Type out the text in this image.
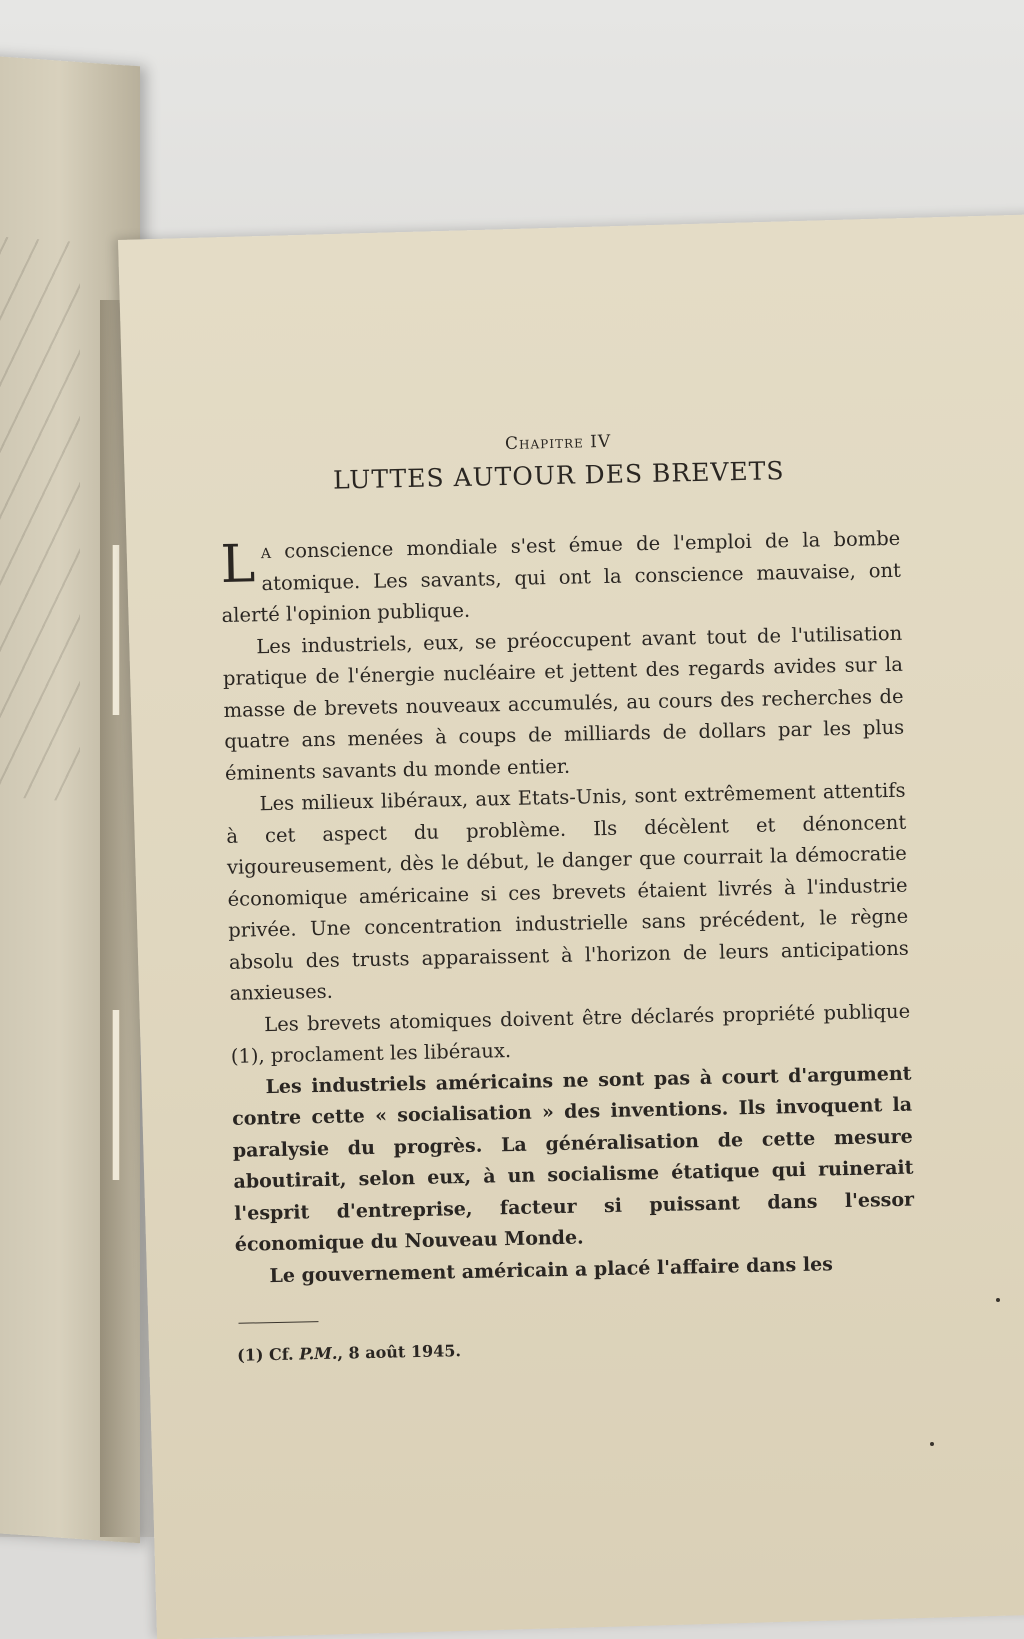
Chapitre IV
LUTTES AUTOUR DES BREVETS

La conscience mondiale s'est émue de l'emploi de la bombe atomique. Les savants, qui ont la conscience mauvaise, ont alerté l'opinion publique.

Les industriels, eux, se préoccupent avant tout de l'utilisation pratique de l'énergie nucléaire et jettent des regards avides sur la masse de brevets nouveaux accumulés, au cours des recherches de quatre ans menées à coups de milliards de dollars par les plus éminents savants du monde entier.

Les milieux libéraux, aux Etats-Unis, sont extrêmement attentifs à cet aspect du problème. Ils décèlent et dénoncent vigoureusement, dès le début, le danger que courrait la démocratie économique américaine si ces brevets étaient livrés à l'industrie privée. Une concentration industrielle sans précédent, le règne absolu des trusts apparaissent à l'horizon de leurs anticipations anxieuses.

Les brevets atomiques doivent être déclarés propriété publique (1), proclament les libéraux.

Les industriels américains ne sont pas à court d'argument contre cette « socialisation » des inventions. Ils invoquent la paralysie du progrès. La généralisation de cette mesure aboutirait, selon eux, à un socialisme étatique qui ruinerait l'esprit d'entreprise, facteur si puissant dans l'essor économique du Nouveau Monde.

Le gouvernement américain a placé l'affaire dans les

(1) Cf. P.M., 8 août 1945.
